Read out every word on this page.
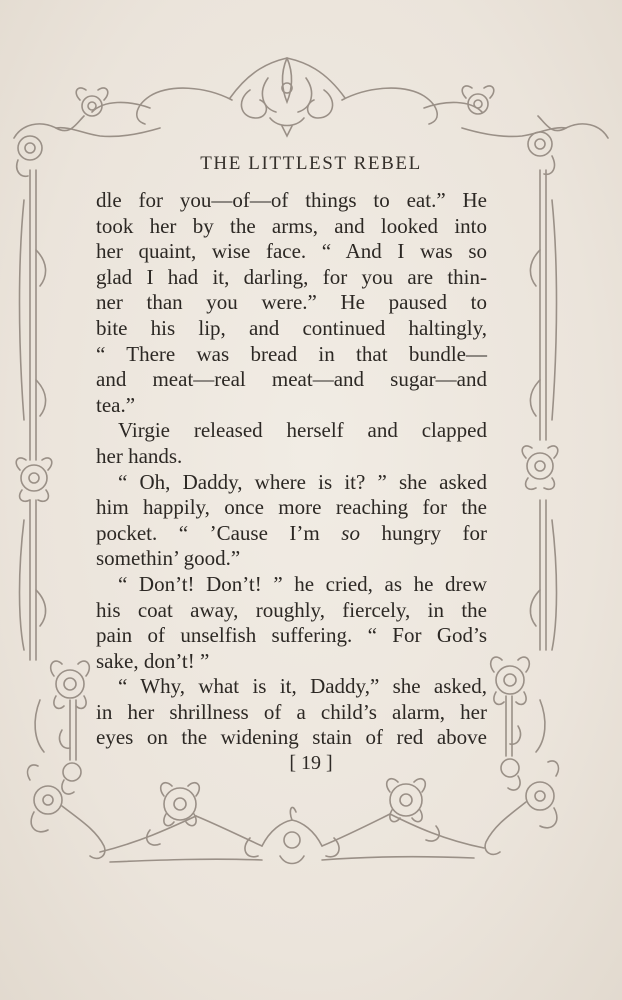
THE LITTLEST REBEL
dle for you—of—of things to eat.” He
took her by the arms, and looked into
her quaint, wise face. “ And I was so
glad I had it, darling, for you are thin-
ner than you were.” He paused to
bite his lip, and continued haltingly,
“ There was bread in that bundle—
and meat—real meat—and sugar—and
tea.”
Virgie released herself and clapped
her hands.
“ Oh, Daddy, where is it? ” she asked
him happily, once more reaching for the
pocket. “ ’Cause I’m so hungry for
somethin’ good.”
“ Don’t! Don’t! ” he cried, as he drew
his coat away, roughly, fiercely, in the
pain of unselfish suffering. “ For God’s
sake, don’t! ”
“ Why, what is it, Daddy,” she asked,
in her shrillness of a child’s alarm, her
eyes on the widening stain of red above
[ 19 ]
